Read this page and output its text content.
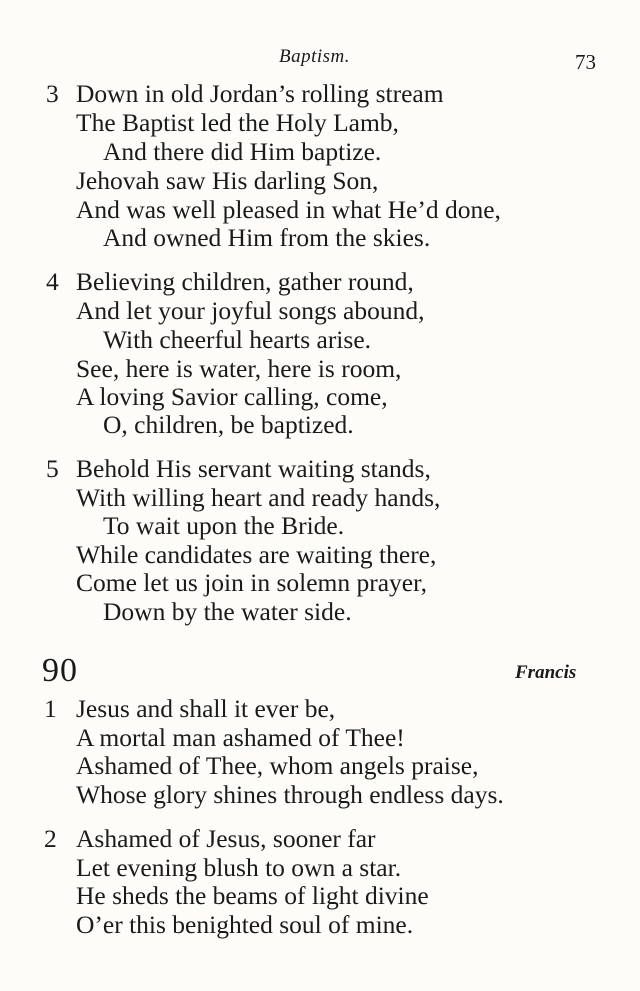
Baptism.	73
3 Down in old Jordan’s rolling stream
The Baptist led the Holy Lamb,
And there did Him baptize.
Jehovah saw His darling Son,
And was well pleased in what He’d done,
And owned Him from the skies.
4 Believing children, gather round,
And let your joyful songs abound,
With cheerful hearts arise.
See, here is water, here is room,
A loving Savior calling, come,
O, children, be baptized.
5 Behold His servant waiting stands,
With willing heart and ready hands,
To wait upon the Bride.
While candidates are waiting there,
Come let us join in solemn prayer,
Down by the water side.
90	Francis
1 Jesus and shall it ever be,
A mortal man ashamed of Thee!
Ashamed of Thee, whom angels praise,
Whose glory shines through endless days.
2 Ashamed of Jesus, sooner far
Let evening blush to own a star.
He sheds the beams of light divine
O’er this benighted soul of mine.
